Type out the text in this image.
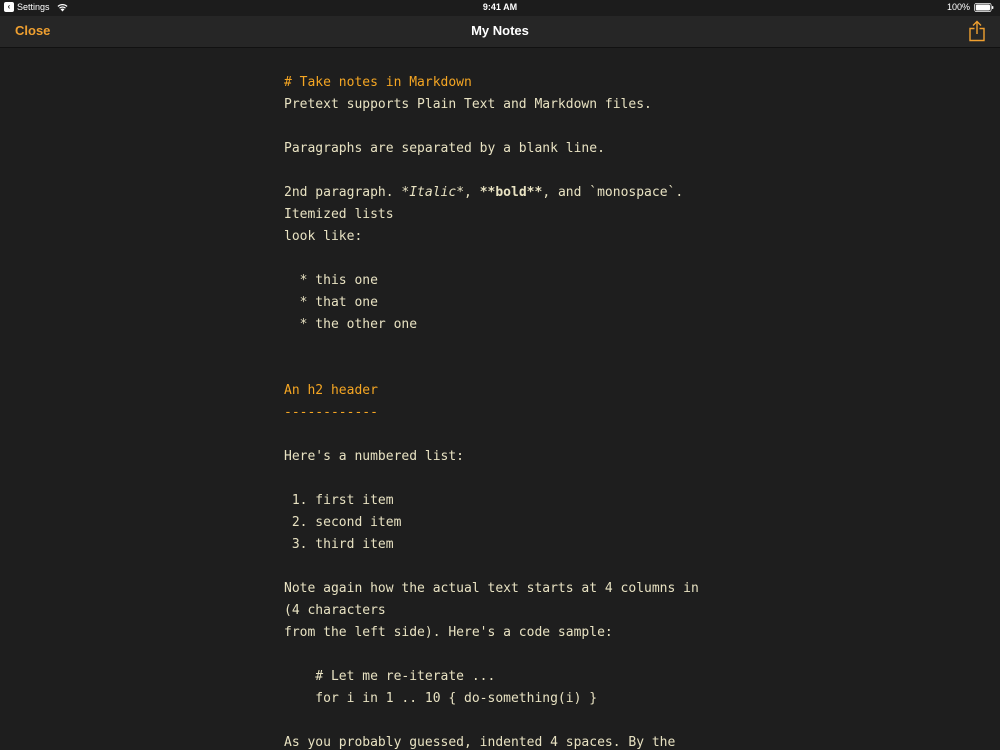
‹ Settings	9:41 AM	100%
Close	My Notes
# Take notes in Markdown
Pretext supports Plain Text and Markdown files.
Paragraphs are separated by a blank line.
2nd paragraph. *Italic*, **bold**, and `monospace`.
Itemized lists
look like:
* this one
* that one
* the other one
An h2 header
------------
Here's a numbered list:
1. first item
2. second item
3. third item
Note again how the actual text starts at 4 columns in
(4 characters
from the left side). Here's a code sample:
# Let me re-iterate ...
for i in 1 .. 10 { do-something(i) }
As you probably guessed, indented 4 spaces. By the
